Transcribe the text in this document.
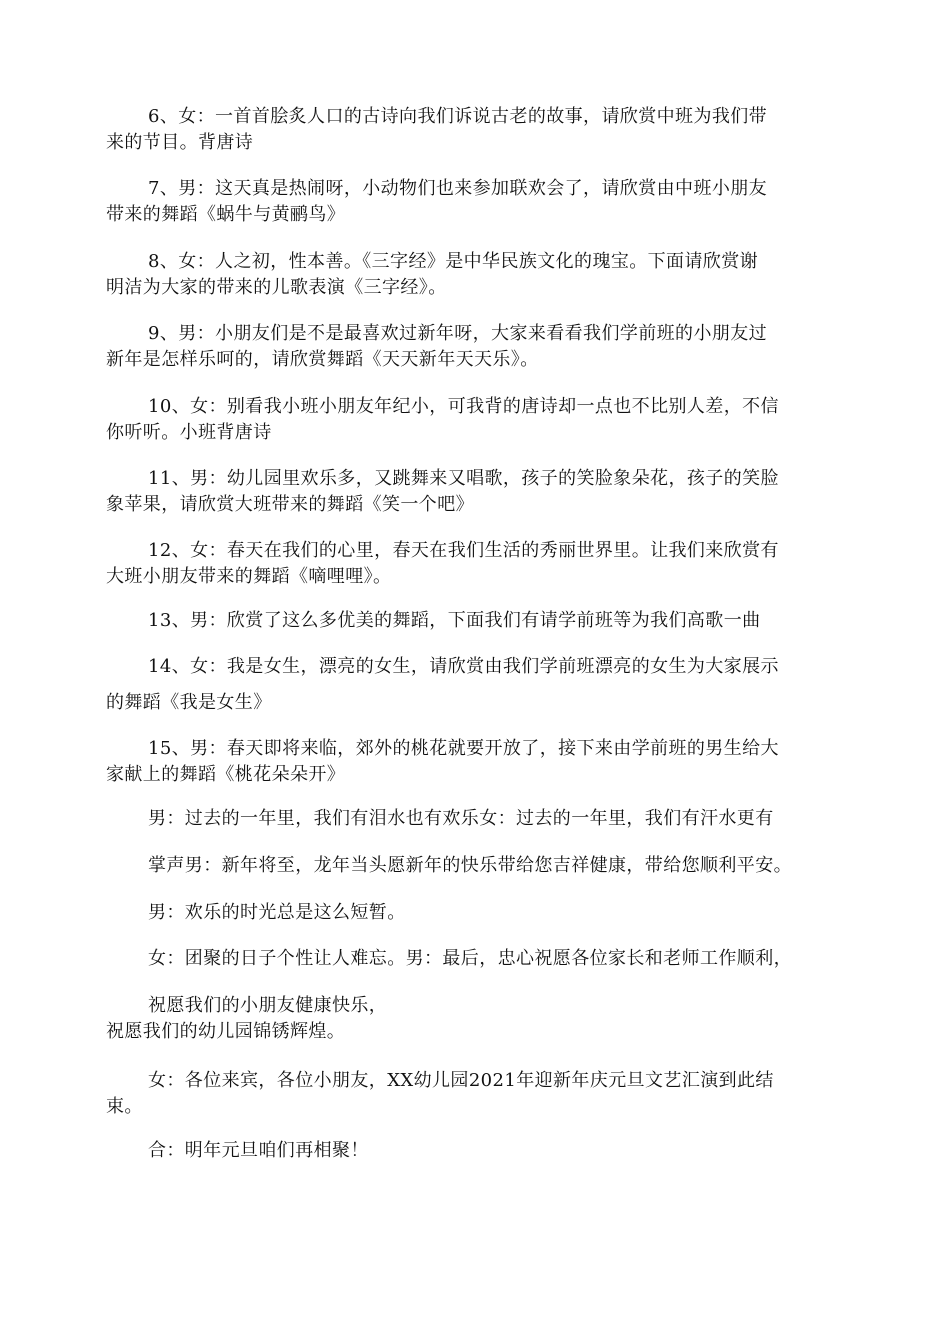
6、女：一首首脍炙人口的古诗向我们诉说古老的故事，请欣赏中班为我们带
来的节目。背唐诗

7、男：这天真是热闹呀，小动物们也来参加联欢会了，请欣赏由中班小朋友
带来的舞蹈《蜗牛与黄鹂鸟》

8、女：人之初，性本善。《三字经》是中华民族文化的瑰宝。下面请欣赏谢
明洁为大家的带来的儿歌表演《三字经》。

9、男：小朋友们是不是最喜欢过新年呀，大家来看看我们学前班的小朋友过
新年是怎样乐呵的，请欣赏舞蹈《天天新年天天乐》。

10、女：别看我小班小朋友年纪小，可我背的唐诗却一点也不比别人差，不信
你听听。小班背唐诗

11、男：幼儿园里欢乐多，又跳舞来又唱歌，孩子的笑脸象朵花，孩子的笑脸
象苹果，请欣赏大班带来的舞蹈《笑一个吧》

12、女：春天在我们的心里，春天在我们生活的秀丽世界里。让我们来欣赏有
大班小朋友带来的舞蹈《嘀哩哩》。

13、男：欣赏了这么多优美的舞蹈，下面我们有请学前班等为我们高歌一曲

14、女：我是女生，漂亮的女生，请欣赏由我们学前班漂亮的女生为大家展示

的舞蹈《我是女生》

15、男：春天即将来临，郊外的桃花就要开放了，接下来由学前班的男生给大
家献上的舞蹈《桃花朵朵开》

男：过去的一年里，我们有泪水也有欢乐女：过去的一年里，我们有汗水更有

掌声男：新年将至，龙年当头愿新年的快乐带给您吉祥健康，带给您顺利平安。

男：欢乐的时光总是这么短暂。

女：团聚的日子个性让人难忘。男：最后，忠心祝愿各位家长和老师工作顺利，

祝愿我们的小朋友健康快乐，
祝愿我们的幼儿园锦锈辉煌。

女：各位来宾，各位小朋友，XX幼儿园2021年迎新年庆元旦文艺汇演到此结
束。

合：明年元旦咱们再相聚！
